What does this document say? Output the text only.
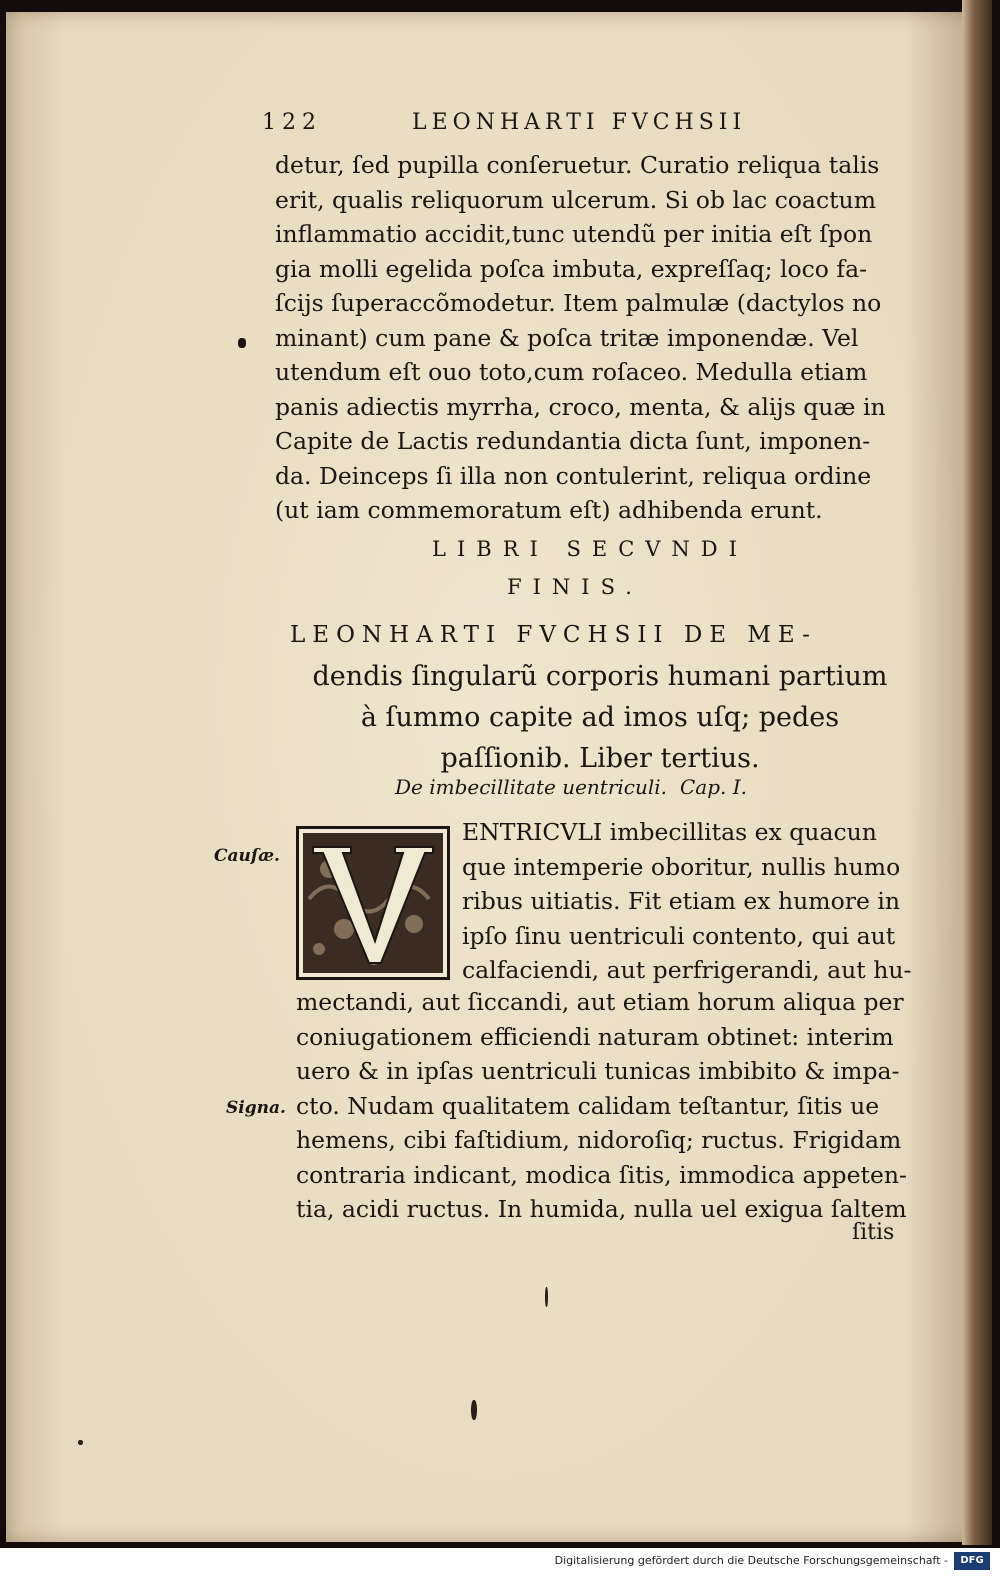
122	LEONHARTI FVCHSII
detur, ſed pupilla conſeruetur. Curatio reliqua talis
erit, qualis reliquorum ulcerum. Si ob lac coactum
inflammatio accidit,tunc utendũ per initia eſt ſpon
gia molli egelida poſca imbuta, expreſſaq; loco fa-
ſcijs ſuperaccõmodetur. Item palmulæ (dactylos no
minant) cum pane & poſca tritæ imponendæ. Vel
utendum eſt ouo toto,cum roſaceo. Medulla etiam
panis adiectis myrrha, croco, menta, & alijs quæ in
Capite de Lactis redundantia dicta ſunt, imponen-
da. Deinceps ſi illa non contulerint, reliqua ordine
(ut iam commemoratum eſt) adhibenda erunt.
LIBRI SECVNDI
FINIS.
LEONHARTI FVCHSII DE ME-
dendis ſingularũ corporis humani partium
à ſummo capite ad imos uſq; pedes
paſſionib. Liber tertius.
De imbecillitate uentriculi. Cap. I.
ENTRICVLI imbecillitas ex quacun
que intemperie oboritur, nullis humo
ribus uitiatis. Fit etiam ex humore in
ipſo ſinu uentriculi contento, qui aut
calfaciendi, aut perfrigerandi, aut hu-
mectandi, aut ſiccandi, aut etiam horum aliqua per
coniugationem efficiendi naturam obtinet: interim
uero & in ipſas uentriculi tunicas imbibito & impa-
cto. Nudam qualitatem calidam teſtantur, ſitis ue
hemens, cibi faſtidium, nidoroſiq; ructus. Frigidam
contraria indicant, modica ſitis, immodica appeten-
tia, acidi ructus. In humida, nulla uel exigua ſaltem
Cauſæ.
Signa.
ſitis
Digitalisierung gefördert durch die Deutsche Forschungsgemeinschaft -	DFG
